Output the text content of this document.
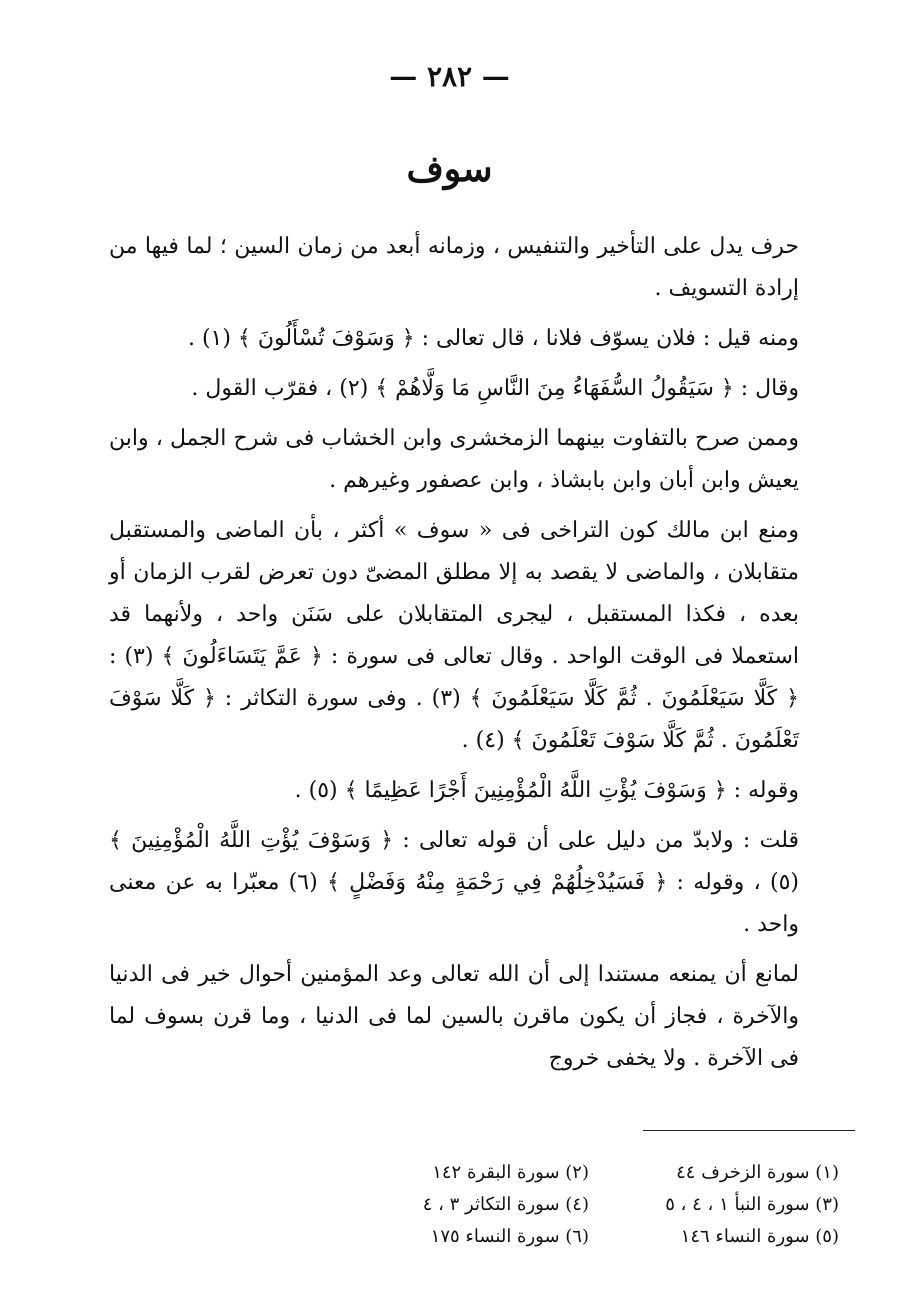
— ٢٨٢ —
سوف

حرف يدل على التأخير والتنفيس ، وزمانه أبعد من زمان السين ؛ لما فيها من إرادة التسويف .

ومنه قيل : فلان يسوّف فلانا ، قال تعالى : ﴿ وَسَوْفَ تُسْأَلُونَ ﴾ (١) .

وقال : ﴿ سَيَقُولُ السُّفَهَاءُ مِنَ النَّاسِ مَا وَلَّاهُمْ ﴾ (٢) ، فقرّب القول .

وممن صرح بالتفاوت بينهما الزمخشرى وابن الخشاب فى شرح الجمل ، وابن يعيش وابن أبان وابن بابشاذ ، وابن عصفور وغيرهم .

ومنع ابن مالك كون التراخى فى « سوف » أكثر ، بأن الماضى والمستقبل متقابلان ، والماضى لا يقصد به إلا مطلق المضىّ دون تعرض لقرب الزمان أو بعده ، فكذا المستقبل ، ليجرى المتقابلان على سَنَن واحد ، ولأنهما قد استعملا فى الوقت الواحد . وقال تعالى فى سورة : ﴿ عَمَّ يَتَسَاءَلُونَ ﴾ (٣) : ﴿ كَلَّا سَيَعْلَمُونَ . ثُمَّ كَلَّا سَيَعْلَمُونَ ﴾ (٣) . وفى سورة التكاثر : ﴿ كَلَّا سَوْفَ تَعْلَمُونَ . ثُمَّ كَلَّا سَوْفَ تَعْلَمُونَ ﴾ (٤) .

وقوله : ﴿ وَسَوْفَ يُؤْتِ اللَّهُ الْمُؤْمِنِينَ أَجْرًا عَظِيمًا ﴾ (٥) .

قلت : ولابدّ من دليل على أن قوله تعالى : ﴿ وَسَوْفَ يُؤْتِ اللَّهُ الْمُؤْمِنِينَ ﴾ (٥) ، وقوله : ﴿ فَسَيُدْخِلُهُمْ فِي رَحْمَةٍ مِنْهُ وَفَضْلٍ ﴾ (٦) معبّرا به عن معنى واحد .

لمانع أن يمنعه مستندا إلى أن الله تعالى وعد المؤمنين أحوال خير فى الدنيا والآخرة ، فجاز أن يكون ماقرن بالسين لما فى الدنيا ، وما قرن بسوف لما فى الآخرة . ولا يخفى خروج

(١) سورة الزخرف ٤٤
(٢) سورة البقرة ١٤٢
(٣) سورة النبأ ١ ، ٤ ، ٥
(٤) سورة التكاثر ٣ ، ٤
(٥) سورة النساء ١٤٦
(٦) سورة النساء ١٧٥
